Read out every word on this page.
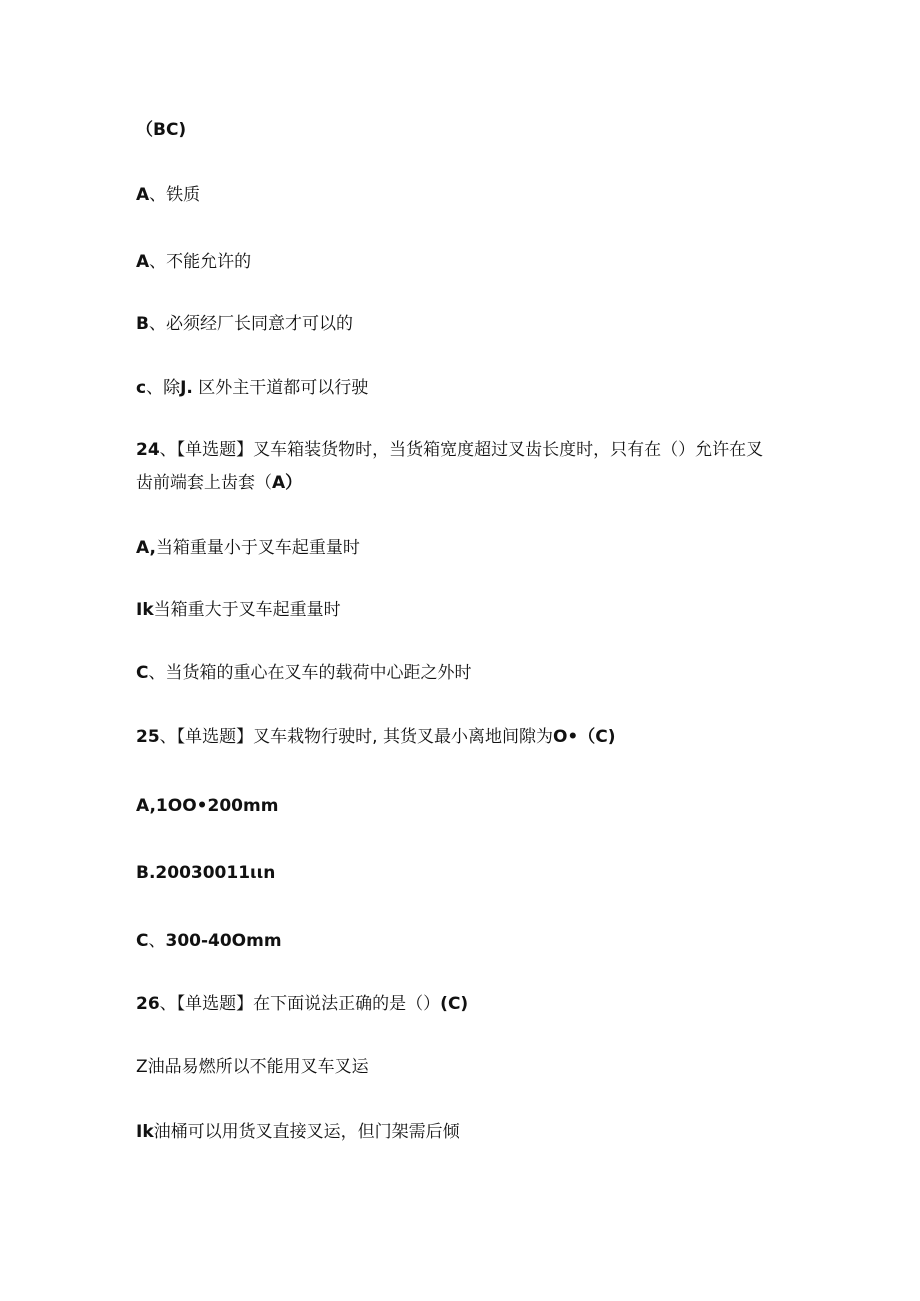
（BC)

A、铁质

A、不能允许的

B、必须经厂长同意才可以的

c、除J. 区外主干道都可以行驶

24、【单选题】叉车箱装货物时，当货箱宽度超过叉齿长度时，只有在（）允许在叉齿前端套上齿套（A）

A,当箱重量小于叉车起重量时

Ik当箱重大于叉车起重量时

C、当货箱的重心在叉车的载荷中心距之外时

25、【单选题】叉车栽物行驶时, 其货叉最小离地间隙为O•（C)

A,1OO•200mm

B.20030011ιιn

C、300-40Omm

26、【单选题】在下面说法正确的是（）(C)

Z油品易燃所以不能用叉车叉运

Ik油桶可以用货叉直接叉运，但门架需后倾
